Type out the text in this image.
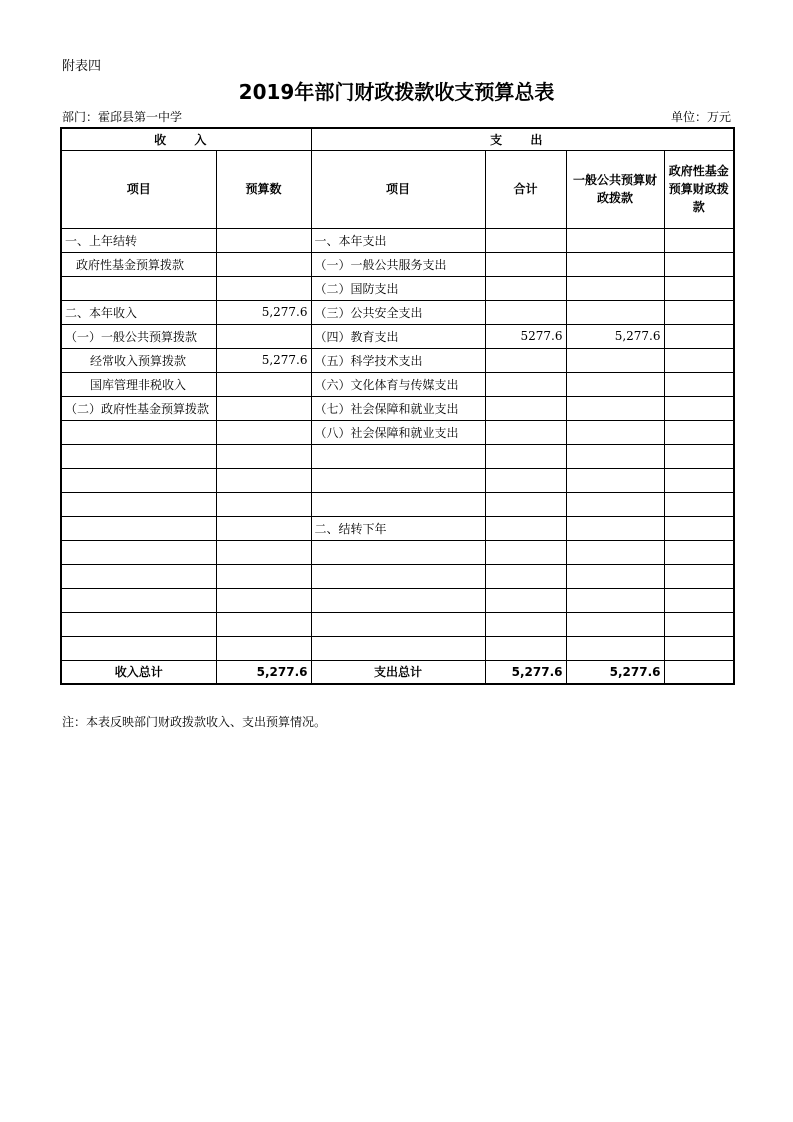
附表四
2019年部门财政拨款收支预算总表
部门：霍邱县第一中学	单位：万元
收 入		支 出			
项目	预算数	项目	合计	一般公共预算财政拨款	政府性基金预算财政拨款
一、上年结转		一、本年支出			
政府性基金预算拨款		（一）一般公共服务支出			
		（二）国防支出			
二、本年收入	5,277.6	（三）公共安全支出			
（一）一般公共预算拨款		（四）教育支出	5277.6	5,277.6	
经常收入预算拨款	5,277.6	（五）科学技术支出			
国库管理非税收入		（六）文化体育与传媒支出			
（二）政府性基金预算拨款		（七）社会保障和就业支出			
		（八）社会保障和就业支出			

		二、结转下年			

收入总计	5,277.6	支出总计	5,277.6	5,277.6	
注：本表反映部门财政拨款收入、支出预算情况。
